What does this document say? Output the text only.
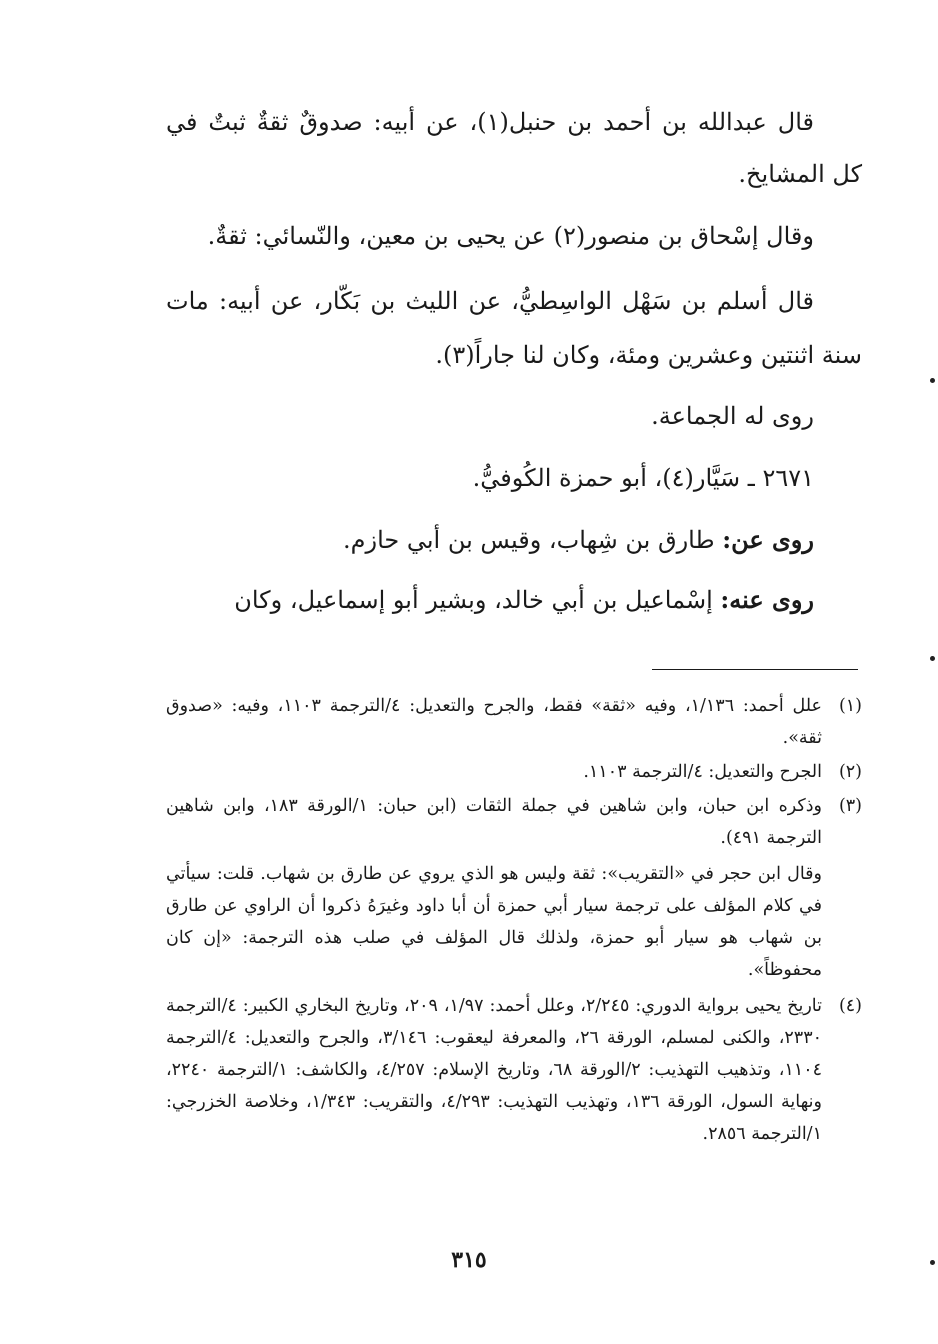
قال عبدالله بن أحمد بن حنبل(١)، عن أبيه: صدوقٌ ثقةٌ ثبتٌ في كل المشايخ.

وقال إسْحاق بن منصور(٢) عن يحيى بن معين، والنّسائي: ثقةٌ.

قال أسلم بن سَهْل الواسِطيُّ، عن الليث بن بَكّار، عن أبيه: مات سنة اثنتين وعشرين ومئة، وكان لنا جاراً(٣).

روى له الجماعة.

٢٦٧١ ـ سَيَّار(٤)، أبو حمزة الكُوفيُّ.

روى عن: طارق بن شِهاب، وقيس بن أبي حازم.

روى عنه: إسْماعيل بن أبي خالد، وبشير أبو إسماعيل، وكان

(١)
علل أحمد: ١/١٣٦، وفيه «ثقة» فقط، والجرح والتعديل: ٤/الترجمة ١١٠٣، وفيه: «صدوق ثقة».
(٢)
الجرح والتعديل: ٤/الترجمة ١١٠٣.
(٣)
وذكره ابن حبان، وابن شاهين في جملة الثقات (ابن حبان: ١/الورقة ١٨٣، وابن شاهين الترجمة ٤٩١).
وقال ابن حجر في «التقريب»: ثقة وليس هو الذي يروي عن طارق بن شهاب. قلت: سيأتي في كلام المؤلف على ترجمة سيار أبي حمزة أن أبا داود وغيرَهُ ذكروا أن الراوي عن طارق بن شهاب هو سيار أبو حمزة، ولذلك قال المؤلف في صلب هذه الترجمة: «إن كان محفوظاً».
(٤)
تاريخ يحيى برواية الدوري: ٢/٢٤٥، وعلل أحمد: ١/٩٧، ٢٠٩، وتاريخ البخاري الكبير: ٤/الترجمة ٢٣٣٠، والكنى لمسلم، الورقة ٢٦، والمعرفة ليعقوب: ٣/١٤٦، والجرح والتعديل: ٤/الترجمة ١١٠٤، وتذهيب التهذيب: ٢/الورقة ٦٨، وتاريخ الإسلام: ٤/٢٥٧، والكاشف: ١/الترجمة ٢٢٤٠، ونهاية السول، الورقة ١٣٦، وتهذيب التهذيب: ٤/٢٩٣، والتقريب: ١/٣٤٣، وخلاصة الخزرجي: ١/الترجمة ٢٨٥٦.
٣١٥
